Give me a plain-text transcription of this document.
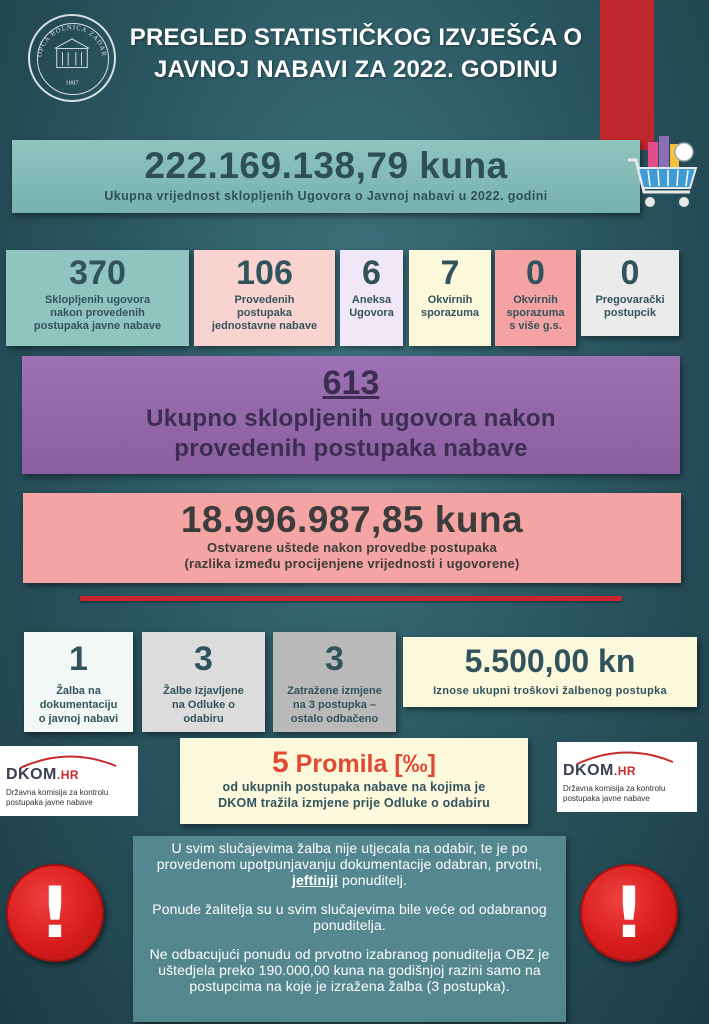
OPĆA BOLNICA ZADAR
1887
PREGLED STATISTIČKOG IZVJEŠĆA O
JAVNOJ NABAVI ZA 2022. GODINU
222.169.138,79 kuna
Ukupna vrijednost sklopljenih Ugovora o Javnoj nabavi u 2022. godini
370
Sklopljenih ugovora
nakon provedenih
postupaka javne nabave
106
Provedenih
postupaka
jednostavne nabave
6
Aneksa
Ugovora
7
Okvirnih
sporazuma
0
Okvirnih
sporazuma
s više g.s.
0
Pregovarački
postupcik
613
Ukupno sklopljenih ugovora nakon
provedenih postupaka nabave
18.996.987,85 kuna
Ostvarene uštede nakon provedbe postupaka
(razlika između procijenjene vrijednosti i ugovorene)
1
Žalba na
dokumentaciju
o javnoj nabavi
3
Žalbe Izjavljene
na Odluke o
odabiru
3
Zatražene izmjene
na 3 postupka –
ostalo odbačeno
5.500,00 kn
Iznose ukupni troškovi žalbenog postupka
DKOM.HR
Državna komisija za kontrolu
postupaka javne nabave
DKOM.HR
Državna komisija za kontrolu
postupaka javne nabave
5 Promila [‰]
od ukupnih postupaka nabave na kojima je
DKOM tražila izmjene prije Odluke o odabiru

U svim slučajevima žalba nije utjecala na odabir, te je po provedenom upotpunjavanju dokumentacije odabran, prvotni, jeftiniji ponuditelj.

Ponude žalitelja su u svim slučajevima bile veće od odabranog ponuditelja.

Ne odbacujući ponudu od prvotno izabranog ponuditelja OBZ je uštedjela preko 190.000,00 kuna na godišnjoj razini samo na postupcima na koje je izražena žalba (3 postupka).

!	!
